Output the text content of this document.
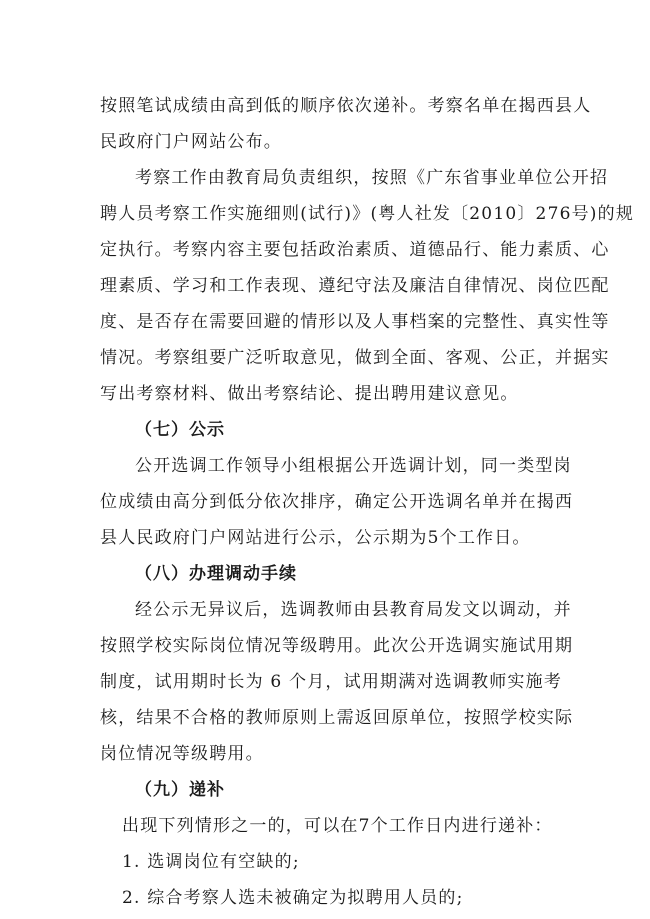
按照笔试成绩由高到低的顺序依次递补。考察名单在揭西县人
民政府门户网站公布。
考察工作由教育局负责组织，按照《广东省事业单位公开招
聘人员考察工作实施细则(试行)》(粤人社发〔2010〕276号)的规
定执行。考察内容主要包括政治素质、道德品行、能力素质、心
理素质、学习和工作表现、遵纪守法及廉洁自律情况、岗位匹配
度、是否存在需要回避的情形以及人事档案的完整性、真实性等
情况。考察组要广泛听取意见，做到全面、客观、公正，并据实
写出考察材料、做出考察结论、提出聘用建议意见。
（七）公示
公开选调工作领导小组根据公开选调计划，同一类型岗
位成绩由高分到低分依次排序，确定公开选调名单并在揭西
县人民政府门户网站进行公示，公示期为5个工作日。
（八）办理调动手续
经公示无异议后，选调教师由县教育局发文以调动，并
按照学校实际岗位情况等级聘用。此次公开选调实施试用期
制度，试用期时长为 6 个月，试用期满对选调教师实施考
核，结果不合格的教师原则上需返回原单位，按照学校实际
岗位情况等级聘用。
（九）递补
出现下列情形之一的，可以在7个工作日内进行递补：
1. 选调岗位有空缺的;
2. 综合考察人选未被确定为拟聘用人员的;
